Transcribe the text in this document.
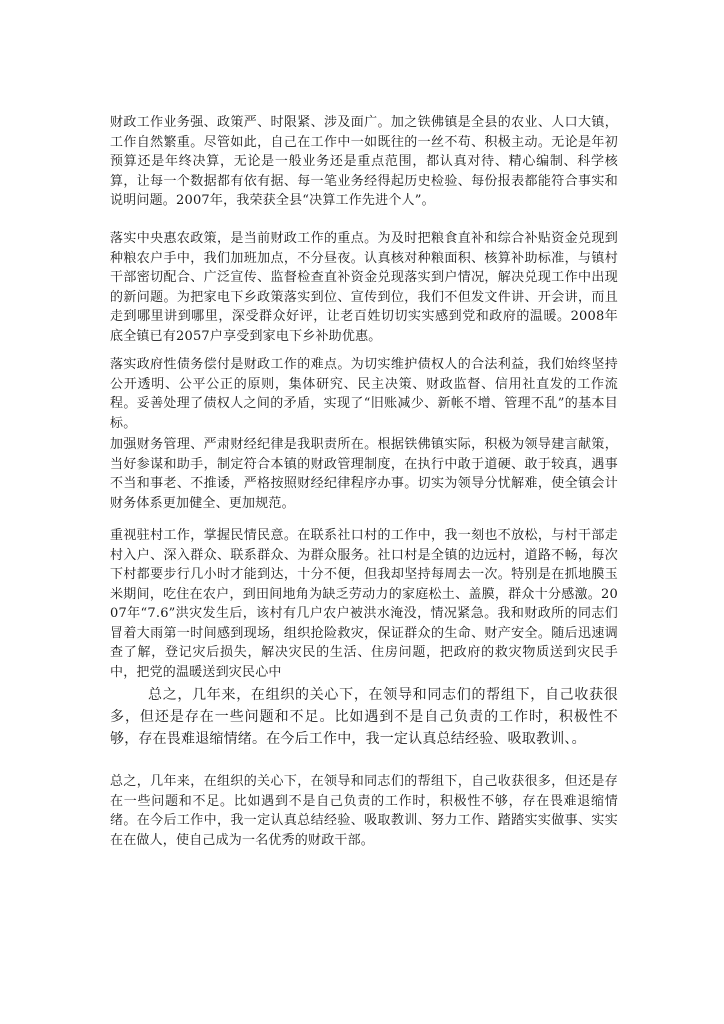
财政工作业务强、政策严、时限紧、涉及面广。加之铁佛镇是全县的农业、人口大镇，工作自然繁重。尽管如此，自己在工作中一如既往的一丝不苟、积极主动。无论是年初预算还是年终决算，无论是一般业务还是重点范围，都认真对待、精心编制、科学核算，让每一个数据都有依有据、每一笔业务经得起历史检验、每份报表都能符合事实和说明问题。2007年，我荣获全县“决算工作先进个人”。

落实中央惠农政策，是当前财政工作的重点。为及时把粮食直补和综合补贴资金兑现到种粮农户手中，我们加班加点，不分昼夜。认真核对种粮面积、核算补助标准，与镇村干部密切配合、广泛宣传、监督检查直补资金兑现落实到户情况，解决兑现工作中出现的新问题。为把家电下乡政策落实到位、宣传到位，我们不但发文件讲、开会讲，而且走到哪里讲到哪里，深受群众好评，让老百姓切切实实感到党和政府的温暖。2008年底全镇已有2057户享受到家电下乡补助优惠。

落实政府性债务偿付是财政工作的难点。为切实维护债权人的合法利益，我们始终坚持公开透明、公平公正的原则，集体研究、民主决策、财政监督、信用社直发的工作流程。妥善处理了债权人之间的矛盾，实现了“旧账减少、新帐不增、管理不乱”的基本目标。

加强财务管理、严肃财经纪律是我职责所在。根据铁佛镇实际，积极为领导建言献策，当好参谋和助手，制定符合本镇的财政管理制度，在执行中敢于道硬、敢于较真，遇事不当和事老、不推诿，严格按照财经纪律程序办事。切实为领导分忧解难，使全镇会计财务体系更加健全、更加规范。

重视驻村工作，掌握民情民意。在联系社口村的工作中，我一刻也不放松，与村干部走村入户、深入群众、联系群众、为群众服务。社口村是全镇的边远村，道路不畅，每次下村都要步行几小时才能到达，十分不便，但我却坚持每周去一次。特别是在抓地膜玉米期间，吃住在农户，到田间地角为缺乏劳动力的家庭松土、盖膜，群众十分感激。2007年“7.6”洪灾发生后，该村有几户农户被洪水淹没，情况紧急。我和财政所的同志们冒着大雨第一时间感到现场，组织抢险救灾，保证群众的生命、财产安全。随后迅速调查了解，登记灾后损失，解决灾民的生活、住房问题，把政府的救灾物质送到灾民手中，把党的温暖送到灾民心中

总之，几年来，在组织的关心下，在领导和同志们的帮组下，自己收获很多，但还是存在一些问题和不足。比如遇到不是自己负责的工作时，积极性不够，存在畏难退缩情绪。在今后工作中，我一定认真总结经验、吸取教训、。

总之，几年来，在组织的关心下，在领导和同志们的帮组下，自己收获很多，但还是存在一些问题和不足。比如遇到不是自己负责的工作时，积极性不够，存在畏难退缩情绪。在今后工作中，我一定认真总结经验、吸取教训、努力工作、踏踏实实做事、实实在在做人，使自己成为一名优秀的财政干部。
